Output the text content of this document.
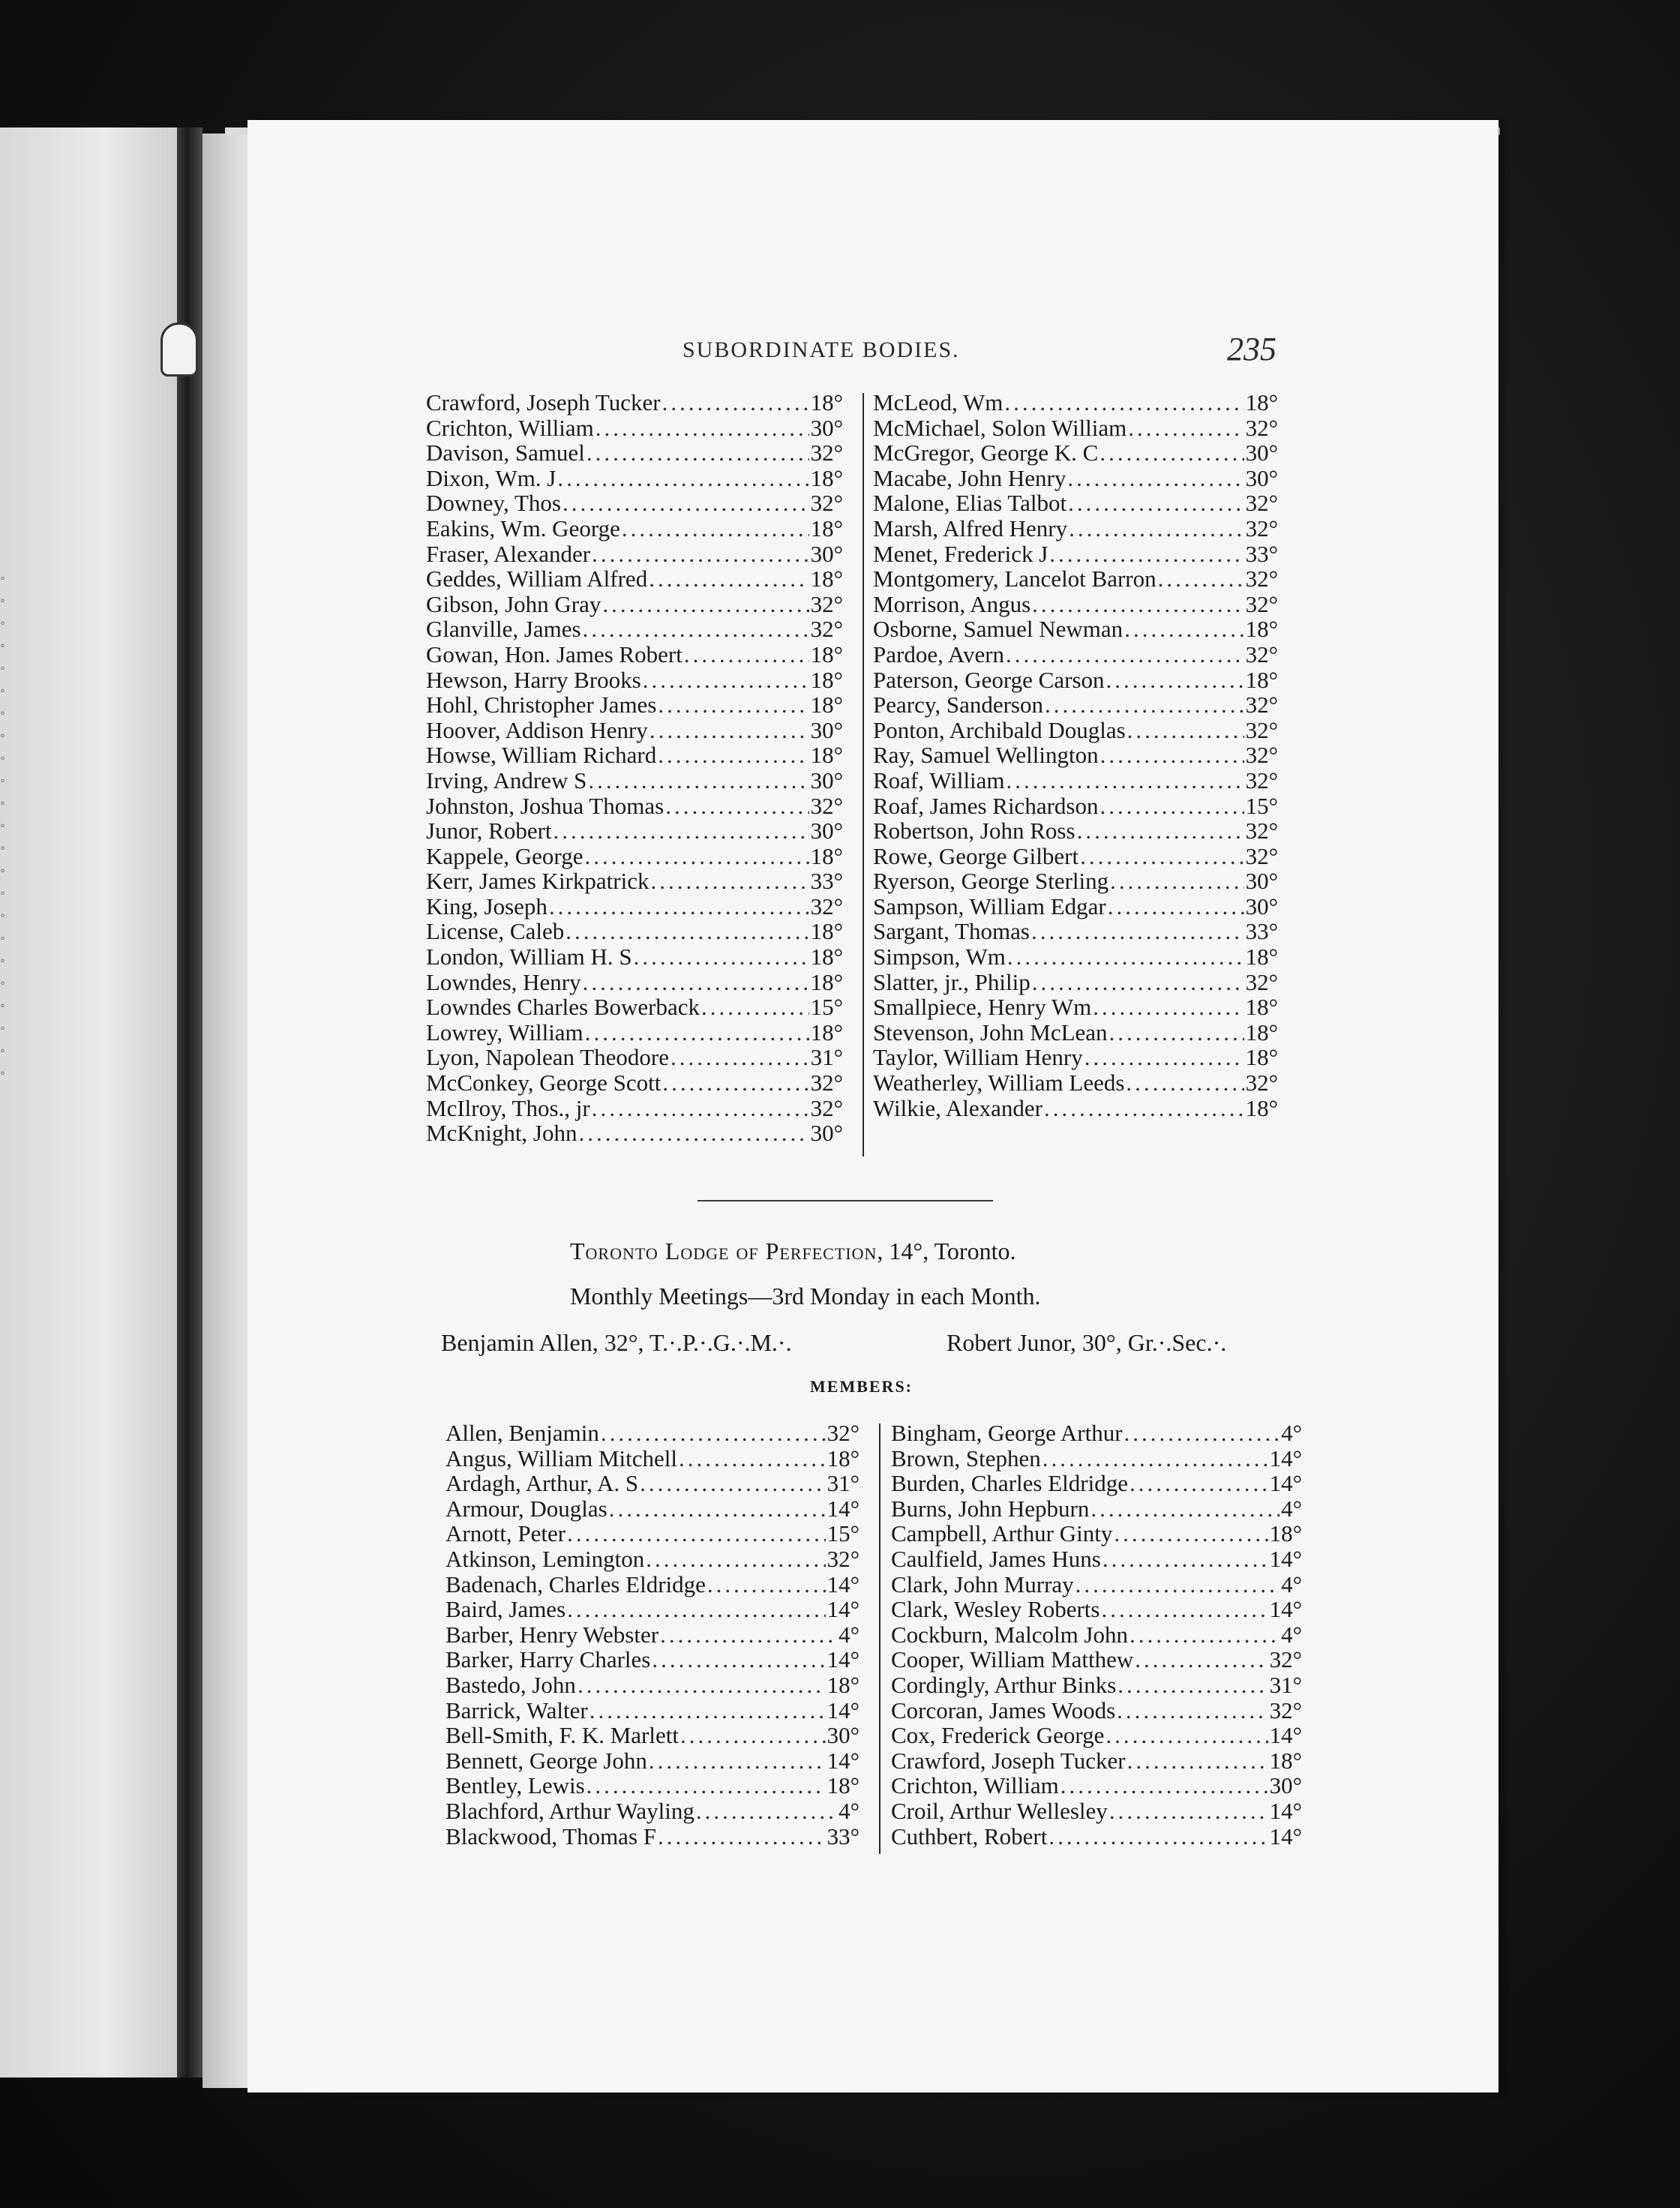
°
°
°
°
°
°
°
°
°
°
°
°
°
°
°
°
°
°
°
°
°
°
°
SUBORDINATE BODIES.	235
Crawford, Joseph Tucker .....	18°
Crichton, William .....	30°
Davison, Samuel .....	32°
Dixon, Wm. J .....	18°
Downey, Thos .....	32°
Eakins, Wm. George .....	18°
Fraser, Alexander .....	30°
Geddes, William Alfred .....	18°
Gibson, John Gray .....	32°
Glanville, James .....	32°
Gowan, Hon. James Robert .....	18°
Hewson, Harry Brooks .....	18°
Hohl, Christopher James .....	18°
Hoover, Addison Henry .....	30°
Howse, William Richard .....	18°
Irving, Andrew S .....	30°
Johnston, Joshua Thomas .....	32°
Junor, Robert .....	30°
Kappele, George .....	18°
Kerr, James Kirkpatrick .....	33°
King, Joseph .....	32°
License, Caleb .....	18°
London, William H. S .....	18°
Lowndes, Henry .....	18°
Lowndes Charles Bowerback .....	15°
Lowrey, William .....	18°
Lyon, Napolean Theodore .....	31°
McConkey, George Scott .....	32°
McIlroy, Thos., jr .....	32°
McKnight, John .....	30°
McLeod, Wm .....	18°
McMichael, Solon William .....	32°
McGregor, George K. C .....	30°
Macabe, John Henry .....	30°
Malone, Elias Talbot .....	32°
Marsh, Alfred Henry .....	32°
Menet, Frederick J .....	33°
Montgomery, Lancelot Barron .....	32°
Morrison, Angus .....	32°
Osborne, Samuel Newman .....	18°
Pardoe, Avern .....	32°
Paterson, George Carson .....	18°
Pearcy, Sanderson .....	32°
Ponton, Archibald Douglas .....	32°
Ray, Samuel Wellington .....	32°
Roaf, William .....	32°
Roaf, James Richardson .....	15°
Robertson, John Ross .....	32°
Rowe, George Gilbert .....	32°
Ryerson, George Sterling .....	30°
Sampson, William Edgar .....	30°
Sargant, Thomas .....	33°
Simpson, Wm .....	18°
Slatter, jr., Philip .....	32°
Smallpiece, Henry Wm .....	18°
Stevenson, John McLean .....	18°
Taylor, William Henry .....	18°
Weatherley, William Leeds .....	32°
Wilkie, Alexander .....	18°
Toronto Lodge of Perfection, 14°, Toronto.
Monthly Meetings—3rd Monday in each Month.
Benjamin Allen, 32°, T.·.P.·.G.·.M.·.	Robert Junor, 30°, Gr.·.Sec.·.
MEMBERS:
Allen, Benjamin .....	32°
Angus, William Mitchell .....	18°
Ardagh, Arthur, A. S .....	31°
Armour, Douglas .....	14°
Arnott, Peter .....	15°
Atkinson, Lemington .....	32°
Badenach, Charles Eldridge .....	14°
Baird, James .....	14°
Barber, Henry Webster .....	4°
Barker, Harry Charles .....	14°
Bastedo, John .....	18°
Barrick, Walter .....	14°
Bell-Smith, F. K. Marlett .....	30°
Bennett, George John .....	14°
Bentley, Lewis .....	18°
Blachford, Arthur Wayling .....	4°
Blackwood, Thomas F .....	33°
Bingham, George Arthur .....	4°
Brown, Stephen .....	14°
Burden, Charles Eldridge .....	14°
Burns, John Hepburn .....	4°
Campbell, Arthur Ginty .....	18°
Caulfield, James Huns .....	14°
Clark, John Murray .....	4°
Clark, Wesley Roberts .....	14°
Cockburn, Malcolm John .....	4°
Cooper, William Matthew .....	32°
Cordingly, Arthur Binks .....	31°
Corcoran, James Woods .....	32°
Cox, Frederick George .....	14°
Crawford, Joseph Tucker .....	18°
Crichton, William .....	30°
Croil, Arthur Wellesley .....	14°
Cuthbert, Robert .....	14°
